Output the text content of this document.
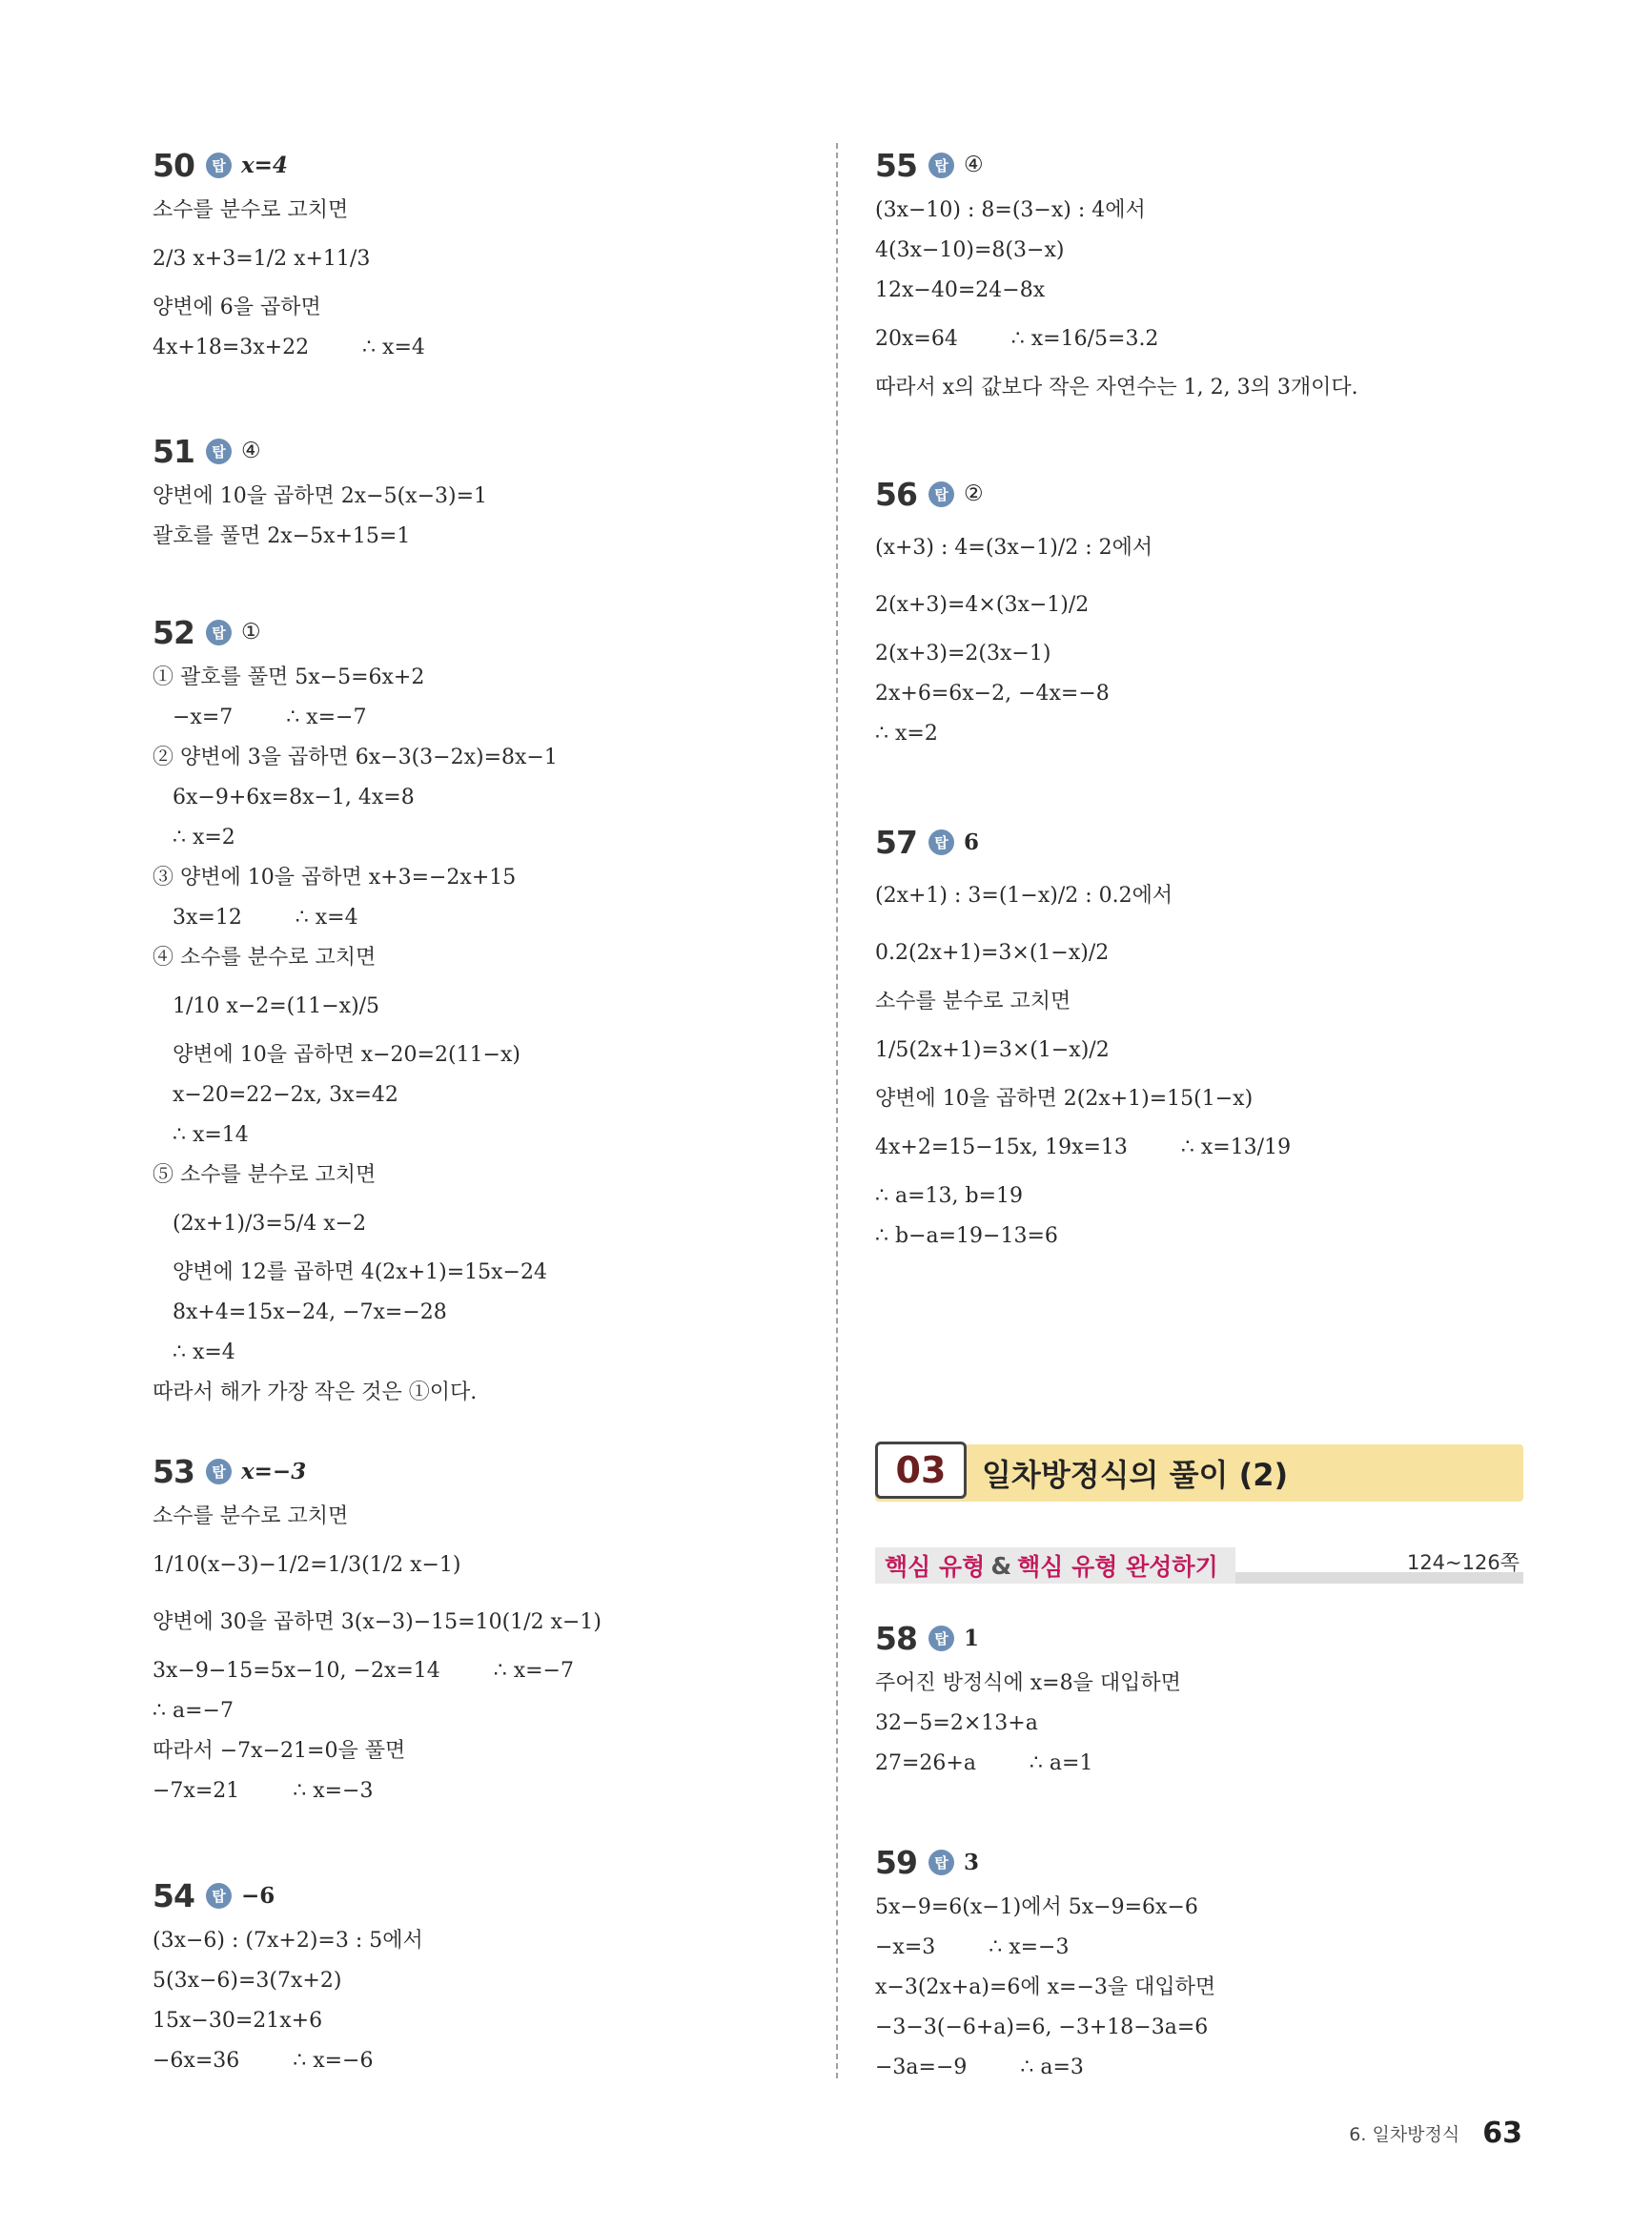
50	탑 x=4
소수를 분수로 고치면
2/3 x+3=1/2 x+11/3
양변에 6을 곱하면
4x+18=3x+22        ∴ x=4
51	탑 ④
양변에 10을 곱하면 2x−5(x−3)=1
괄호를 풀면 2x−5x+15=1
52	탑 ①
① 괄호를 풀면 5x−5=6x+2
−x=7        ∴ x=−7
② 양변에 3을 곱하면 6x−3(3−2x)=8x−1
6x−9+6x=8x−1, 4x=8
∴ x=2
③ 양변에 10을 곱하면 x+3=−2x+15
3x=12        ∴ x=4
④ 소수를 분수로 고치면
1/10 x−2=(11−x)/5
양변에 10을 곱하면 x−20=2(11−x)
x−20=22−2x, 3x=42
∴ x=14
⑤ 소수를 분수로 고치면
(2x+1)/3=5/4 x−2
양변에 12를 곱하면 4(2x+1)=15x−24
8x+4=15x−24, −7x=−28
∴ x=4
따라서 해가 가장 작은 것은 ①이다.
53	탑 x=−3
소수를 분수로 고치면
1/10(x−3)−1/2=1/3(1/2 x−1)
양변에 30을 곱하면 3(x−3)−15=10(1/2 x−1)
3x−9−15=5x−10, −2x=14        ∴ x=−7
∴ a=−7
따라서 −7x−21=0을 풀면
−7x=21        ∴ x=−3
54	탑 −6
(3x−6) : (7x+2)=3 : 5에서
5(3x−6)=3(7x+2)
15x−30=21x+6
−6x=36        ∴ x=−6
55	탑 ④
(3x−10) : 8=(3−x) : 4에서
4(3x−10)=8(3−x)
12x−40=24−8x
20x=64        ∴ x=16/5=3.2
따라서 x의 값보다 작은 자연수는 1, 2, 3의 3개이다.
56	탑 ②
(x+3) : 4=(3x−1)/2 : 2에서
2(x+3)=4×(3x−1)/2
2(x+3)=2(3x−1)
2x+6=6x−2, −4x=−8
∴ x=2
57	탑 6
(2x+1) : 3=(1−x)/2 : 0.2에서
0.2(2x+1)=3×(1−x)/2
소수를 분수로 고치면
1/5(2x+1)=3×(1−x)/2
양변에 10을 곱하면 2(2x+1)=15(1−x)
4x+2=15−15x, 19x=13        ∴ x=13/19
∴ a=13, b=19
∴ b−a=19−13=6
58	탑 1
주어진 방정식에 x=8을 대입하면
32−5=2×13+a
27=26+a        ∴ a=1
59	탑 3
5x−9=6(x−1)에서 5x−9=6x−6
−x=3        ∴ x=−3
x−3(2x+a)=6에 x=−3을 대입하면
−3−3(−6+a)=6, −3+18−3a=6
−3a=−9        ∴ a=3
03	일차방정식의 풀이 (2)
핵심 유형 & 핵심 유형 완성하기	124~126쪽
6. 일차방정식 63
